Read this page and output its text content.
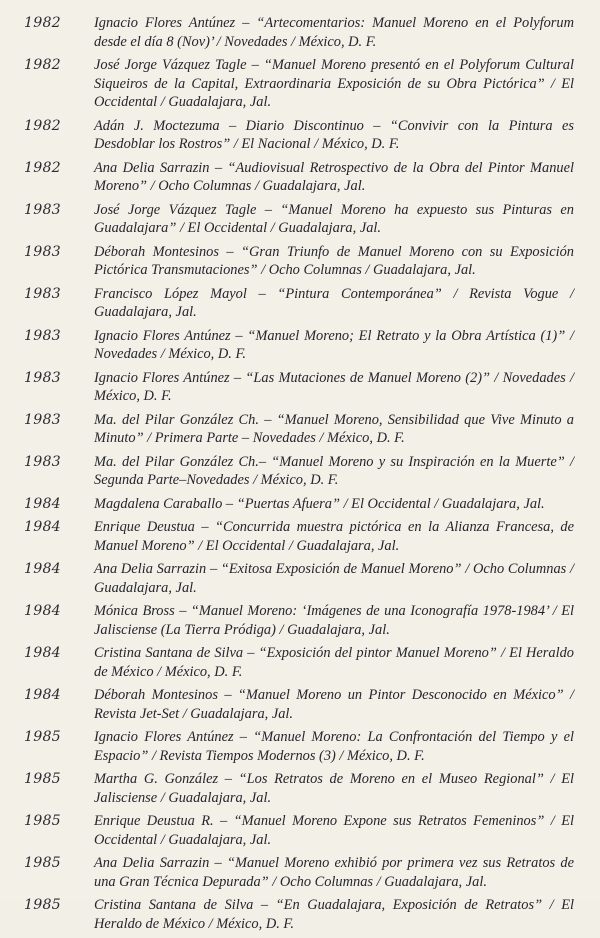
1982	Ignacio Flores Antúnez – “Artecomentarios: Manuel Moreno en el Polyforum desde el día 8 (Nov)’ / Novedades / México, D. F.
1982	José Jorge Vázquez Tagle – “Manuel Moreno presentó en el Polyforum Cultural Siqueiros de la Capital, Extraordinaria Exposición de su Obra Pictórica” / El Occidental / Guadalajara, Jal.
1982	Adán J. Moctezuma – Diario Discontinuo – “Convivir con la Pintura es Desdoblar los Rostros” / El Nacional / México, D. F.
1982	Ana Delia Sarrazin – “Audiovisual Retrospectivo de la Obra del Pintor Manuel Moreno” / Ocho Columnas / Guadalajara, Jal.
1983	José Jorge Vázquez Tagle – “Manuel Moreno ha expuesto sus Pinturas en Guadalajara” / El Occidental / Guadalajara, Jal.
1983	Déborah Montesinos – “Gran Triunfo de Manuel Moreno con su Exposición Pictórica Transmutaciones” / Ocho Columnas / Guadalajara, Jal.
1983	Francisco López Mayol – “Pintura Contemporánea” / Revista Vogue / Guadalajara, Jal.
1983	Ignacio Flores Antúnez – “Manuel Moreno; El Retrato y la Obra Artística (1)” / Novedades / México, D. F.
1983	Ignacio Flores Antúnez – “Las Mutaciones de Manuel Moreno (2)” / Novedades / México, D. F.
1983	Ma. del Pilar González Ch. – “Manuel Moreno, Sensibilidad que Vive Minuto a Minuto” / Primera Parte – Novedades / México, D. F.
1983	Ma. del Pilar González Ch.– “Manuel Moreno y su Inspiración en la Muerte” / Segunda Parte–Novedades / México, D. F.
1984	Magdalena Caraballo – “Puertas Afuera” / El Occidental / Guadalajara, Jal.
1984	Enrique Deustua – “Concurrida muestra pictórica en la Alianza Francesa, de Manuel Moreno” / El Occidental / Guadalajara, Jal.
1984	Ana Delia Sarrazin – “Exitosa Exposición de Manuel Moreno” / Ocho Columnas / Guadalajara, Jal.
1984	Mónica Bross – “Manuel Moreno: ‘Imágenes de una Iconografía 1978-1984’ / El Jalisciense (La Tierra Pródiga) / Guadalajara, Jal.
1984	Cristina Santana de Silva – “Exposición del pintor Manuel Moreno” / El Heraldo de México / México, D. F.
1984	Déborah Montesinos – “Manuel Moreno un Pintor Desconocido en México” / Revista Jet-Set / Guadalajara, Jal.
1985	Ignacio Flores Antúnez – “Manuel Moreno: La Confrontación del Tiempo y el Espacio” / Revista Tiempos Modernos (3) / México, D. F.
1985	Martha G. González – “Los Retratos de Moreno en el Museo Regional” / El Jalisciense / Guadalajara, Jal.
1985	Enrique Deustua R. – “Manuel Moreno Expone sus Retratos Femeninos” / El Occidental / Guadalajara, Jal.
1985	Ana Delia Sarrazin – “Manuel Moreno exhibió por primera vez sus Retratos de una Gran Técnica Depurada” / Ocho Columnas / Guadalajara, Jal.
1985	Cristina Santana de Silva – “En Guadalajara, Exposición de Retratos” / El Heraldo de México / México, D. F.
